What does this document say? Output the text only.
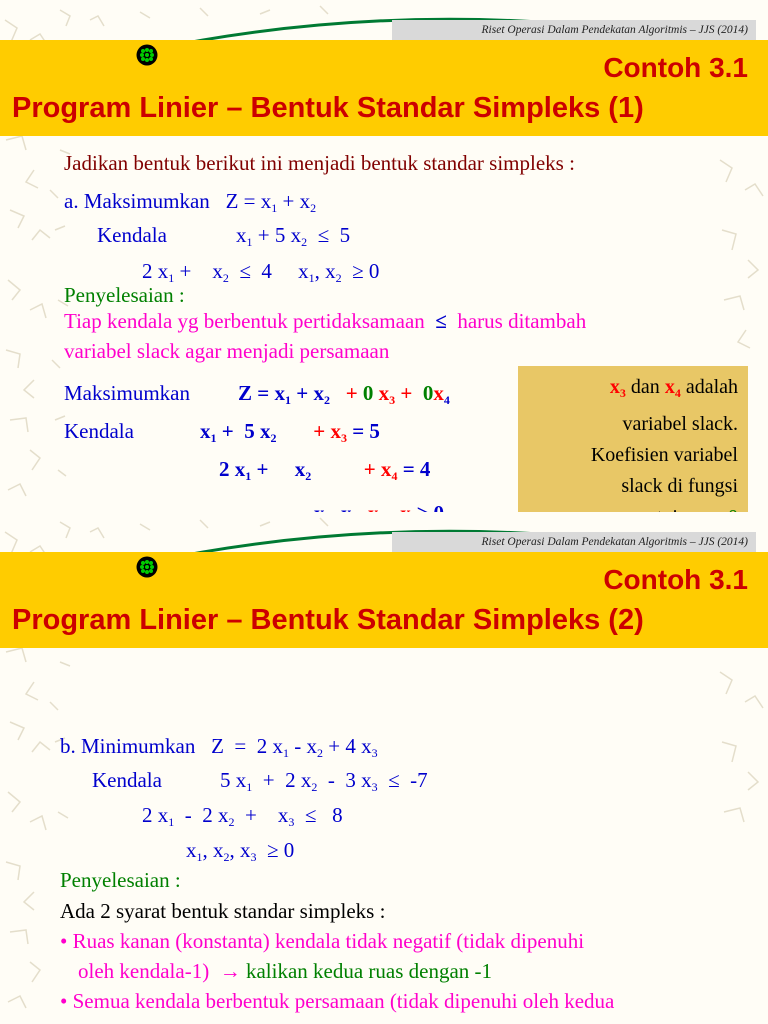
Riset Operasi Dalam Pendekatan Algoritmis – JJS (2014)
Contoh 3.1
Program Linier – Bentuk Standar Simpleks (1)
Jadikan bentuk berikut ini menjadi bentuk standar simpleks :
a. Maksimumkan   $Z = x_1 + x_2$
Kendala	$x_1 + 5$ $x_2 \le 5$
2 $x_1$ +    $x_2 \le 4$     $x_1$, $x_2 \ge 0$
Penyelesaian :
Tiap kendala yg berbentuk pertidaksamaan ≤ harus ditambah
variabel slack agar menjadi persamaan
Maksimumkan $Z = x_1 + x_2 + 0$ $x_3 + 0x_4$
Kendala	$x_1 + 5$ $x_2 + x_3 = 5$
2 $x_1$ +     $x_2$	+ $x_4 = 4$
$x_3$ dan $x_4$ adalah
variabel slack.
Koefisien variabel
slack di fungsi
Riset Operasi Dalam Pendekatan Algoritmis – JJS (2014)
Contoh 3.1
Program Linier – Bentuk Standar Simpleks (2)
b. Minimumkan   Z  =  2 $x_1 - x_2 + 4$ $x_3$
Kendala	5 $x_1 + 2$ $x_2 - 3$ $x_3 \le -7$
2 $x_1 - 2$ $x_2$  +    $x_3 \le 8$
$x_1$, $x_2$, $x_3 \ge 0$
Penyelesaian :
Ada 2 syarat bentuk standar simpleks :
• Ruas kanan (konstanta) kendala tidak negatif (tidak dipenuhi
oleh kendala-1) → kalikan kedua ruas dengan -1
• Semua kendala berbentuk persamaan (tidak dipenuhi oleh kedua
